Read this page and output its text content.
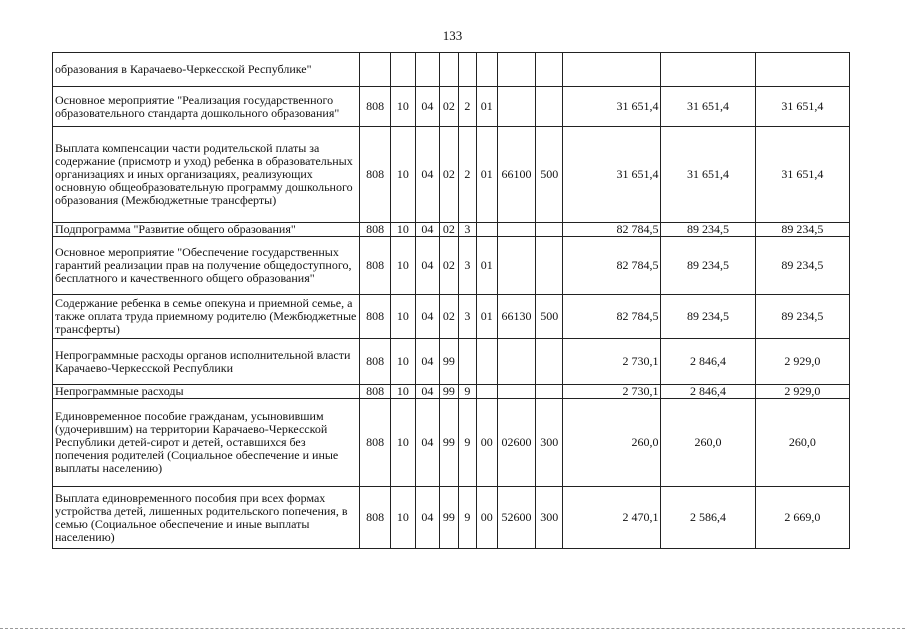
133
образования в Карачаево-Черкесской Республике"											
Основное мероприятие "Реализация государственного образовательного стандарта дошкольного образования"	808	10	04	02	2	01			31 651,4	31 651,4	31 651,4
Выплата компенсации части родительской платы за содержание (присмотр и уход) ребенка в образовательных организациях и иных организациях, реализующих основную общеобразовательную программу дошкольного образования (Межбюджетные трансферты)	808	10	04	02	2	01	66100	500	31 651,4	31 651,4	31 651,4
Подпрограмма "Развитие общего образования"	808	10	04	02	3				82 784,5	89 234,5	89 234,5
Основное мероприятие "Обеспечение государственных гарантий реализации прав на получение общедоступного, бесплатного и качественного общего образования"	808	10	04	02	3	01			82 784,5	89 234,5	89 234,5
Содержание ребенка в семье опекуна и приемной семье, а также оплата труда приемному родителю (Межбюджетные трансферты)	808	10	04	02	3	01	66130	500	82 784,5	89 234,5	89 234,5
Непрограммные расходы органов исполнительной власти Карачаево-Черкесской Республики	808	10	04	99					2 730,1	2 846,4	2 929,0
Непрограммные расходы	808	10	04	99	9				2 730,1	2 846,4	2 929,0
Единовременное пособие гражданам, усыновившим (удочерившим) на территории Карачаево-Черкесской Республики детей-сирот и детей, оставшихся без попечения родителей (Социальное обеспечение и иные выплаты населению)	808	10	04	99	9	00	02600	300	260,0	260,0	260,0
Выплата единовременного пособия при всех формах устройства детей, лишенных родительского попечения, в семью (Социальное обеспечение и иные выплаты населению)	808	10	04	99	9	00	52600	300	2 470,1	2 586,4	2 669,0
